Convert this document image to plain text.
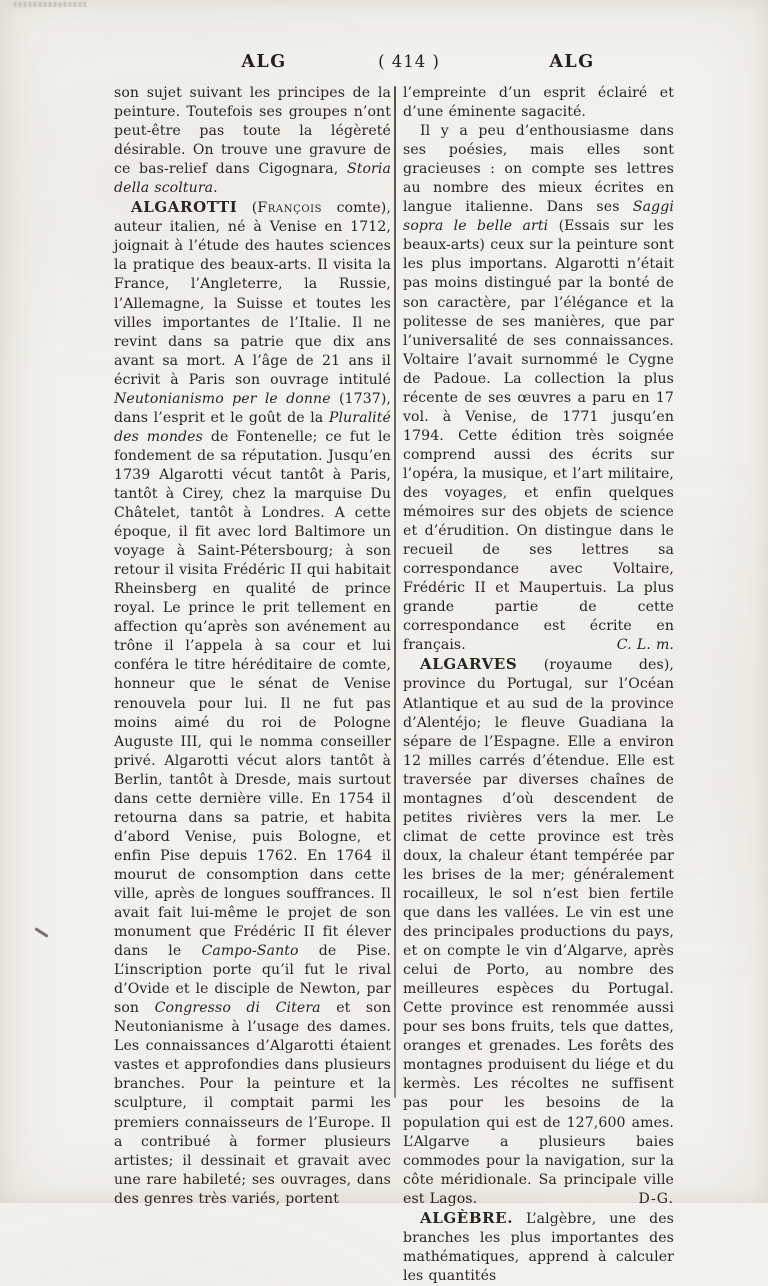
ALG	( 414 )	ALG

son sujet suivant les principes de la peinture. Toutefois ses groupes n’ont peut-être pas toute la légèreté désirable. On trouve une gravure de ce bas-relief dans Cigognara, Storia della scoltura.

ALGAROTTI (François comte), auteur italien, né à Venise en 1712, joignait à l’étude des hautes sciences la pratique des beaux-arts. Il visita la France, l’Angleterre, la Russie, l’Allemagne, la Suisse et toutes les villes importantes de l’Italie. Il ne revint dans sa patrie que dix ans avant sa mort. A l’âge de 21 ans il écrivit à Paris son ouvrage intitulé Neutonianismo per le donne (1737), dans l’esprit et le goût de la Pluralité des mondes de Fontenelle; ce fut le fondement de sa réputation. Jusqu’en 1739 Algarotti vécut tantôt à Paris, tantôt à Cirey, chez la marquise Du Châtelet, tantôt à Londres. A cette époque, il fit avec lord Baltimore un voyage à Saint-Pétersbourg; à son retour il visita Frédéric II qui habitait Rheinsberg en qualité de prince royal. Le prince le prit tellement en affection qu’après son avénement au trône il l’appela à sa cour et lui conféra le titre héréditaire de comte, honneur que le sénat de Venise renouvela pour lui. Il ne fut pas moins aimé du roi de Pologne Auguste III, qui le nomma conseiller privé. Algarotti vécut alors tantôt à Berlin, tantôt à Dresde, mais surtout dans cette dernière ville. En 1754 il retourna dans sa patrie, et habita d’abord Venise, puis Bologne, et enfin Pise depuis 1762. En 1764 il mourut de consomption dans cette ville, après de longues souffrances. Il avait fait lui-même le projet de son monument que Frédéric II fit élever dans le Campo-Santo de Pise. L’inscription porte qu’il fut le rival d’Ovide et le disciple de Newton, par son Congresso di Citera et son Neutonianisme à l’usage des dames. Les connaissances d’Algarotti étaient vastes et approfondies dans plusieurs branches. Pour la peinture et la sculpture, il comptait parmi les premiers connaisseurs de l’Europe. Il a contribué à former plusieurs artistes; il dessinait et gravait avec une rare habileté; ses ouvrages, dans des genres très variés, portent

l’empreinte d’un esprit éclairé et d’une éminente sagacité.

Il y a peu d’enthousiasme dans ses poésies, mais elles sont gracieuses : on compte ses lettres au nombre des mieux écrites en langue italienne. Dans ses Saggi sopra le belle arti (Essais sur les beaux-arts) ceux sur la peinture sont les plus importans. Algarotti n’était pas moins distingué par la bonté de son caractère, par l’élégance et la politesse de ses manières, que par l’universalité de ses connaissances. Voltaire l’avait surnommé le Cygne de Padoue. La collection la plus récente de ses œuvres a paru en 17 vol. à Venise, de 1771 jusqu’en 1794. Cette édition très soignée comprend aussi des écrits sur l’opéra, la musique, et l’art militaire, des voyages, et enfin quelques mémoires sur des objets de science et d’érudition. On distingue dans le recueil de ses lettres sa correspondance avec Voltaire, Frédéric II et Maupertuis. La plus grande partie de cette correspondance est écrite en français.	C. L. m.

ALGARVES (royaume des), province du Portugal, sur l’Océan Atlantique et au sud de la province d’Alentéjo; le fleuve Guadiana la sépare de l’Espagne. Elle a environ 12 milles carrés d’étendue. Elle est traversée par diverses chaînes de montagnes d’où descendent de petites rivières vers la mer. Le climat de cette province est très doux, la chaleur étant tempérée par les brises de la mer; généralement rocailleux, le sol n’est bien fertile que dans les vallées. Le vin est une des principales productions du pays, et on compte le vin d’Algarve, après celui de Porto, au nombre des meilleures espèces du Portugal. Cette province est renommée aussi pour ses bons fruits, tels que dattes, oranges et grenades. Les forêts des montagnes produisent du liége et du kermès. Les récoltes ne suffisent pas pour les besoins de la population qui est de 127,600 ames. L’Algarve a plusieurs baies commodes pour la navigation, sur la côte méridionale. Sa principale ville est Lagos.	D-G.

ALGÈBRE. L’algèbre, une des branches les plus importantes des mathématiques, apprend à calculer les quantités
